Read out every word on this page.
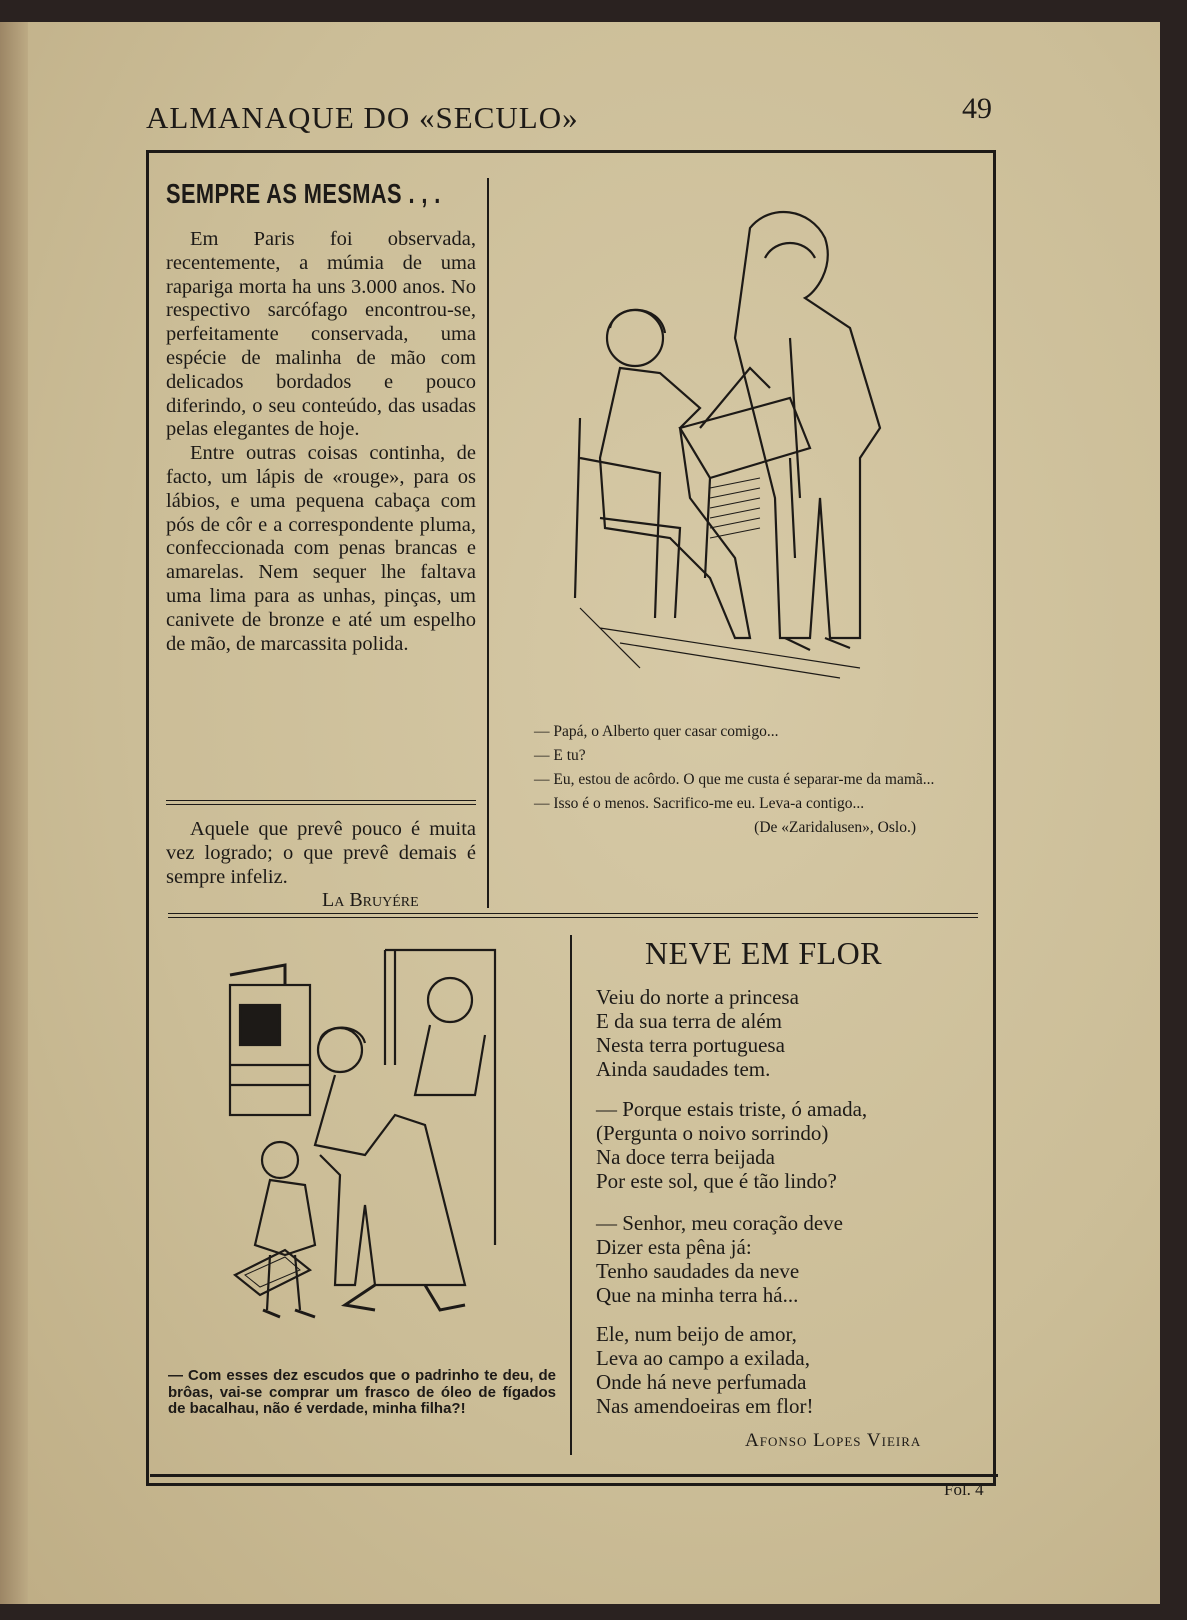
ALMANAQUE DO «SECULO»	49
SEMPRE AS MESMAS . , .
Em Paris foi observada, recentemente, a múmia de uma rapariga morta ha uns 3.000 anos. No respectivo sarcófago encontrou-se, perfeitamente conservada, uma espécie de malinha de mão com delicados bordados e pouco diferindo, o seu conteúdo, das usadas pelas elegantes de hoje.
Entre outras coisas continha, de facto, um lápis de «rouge», para os lábios, e uma pequena cabaça com pós de côr e a correspondente pluma, confeccionada com penas brancas e amarelas. Nem sequer lhe faltava uma lima para as unhas, pinças, um canivete de bronze e até um espelho de mão, de marcassita polida.
Aquele que prevê pouco é muita vez logrado; o que prevê demais é sempre infeliz.
La Bruyére

— Papá, o Alberto quer casar comigo...

— E tu?

— Eu, estou de acôrdo. O que me custa é separar-me da mamã...

— Isso é o menos. Sacrifico-me eu. Leva-a contigo...

(De «Zaridalusen», Oslo.)

— Com esses dez escudos que o padrinho te deu, de brôas, vai-se comprar um frasco de óleo de fígados de bacalhau, não é verdade, minha filha?!
NEVE EM FLOR
Veiu do norte a princesa
E da sua terra de além
Nesta terra portuguesa
Ainda saudades tem.
— Porque estais triste, ó amada,
(Pergunta o noivo sorrindo)
Na doce terra beijada
Por este sol, que é tão lindo?
— Senhor, meu coração deve
Dizer esta pêna já:
Tenho saudades da neve
Que na minha terra há...
Ele, num beijo de amor,
Leva ao campo a exilada,
Onde há neve perfumada
Nas amendoeiras em flor!
Afonso Lopes Vieira
Fol. 4
